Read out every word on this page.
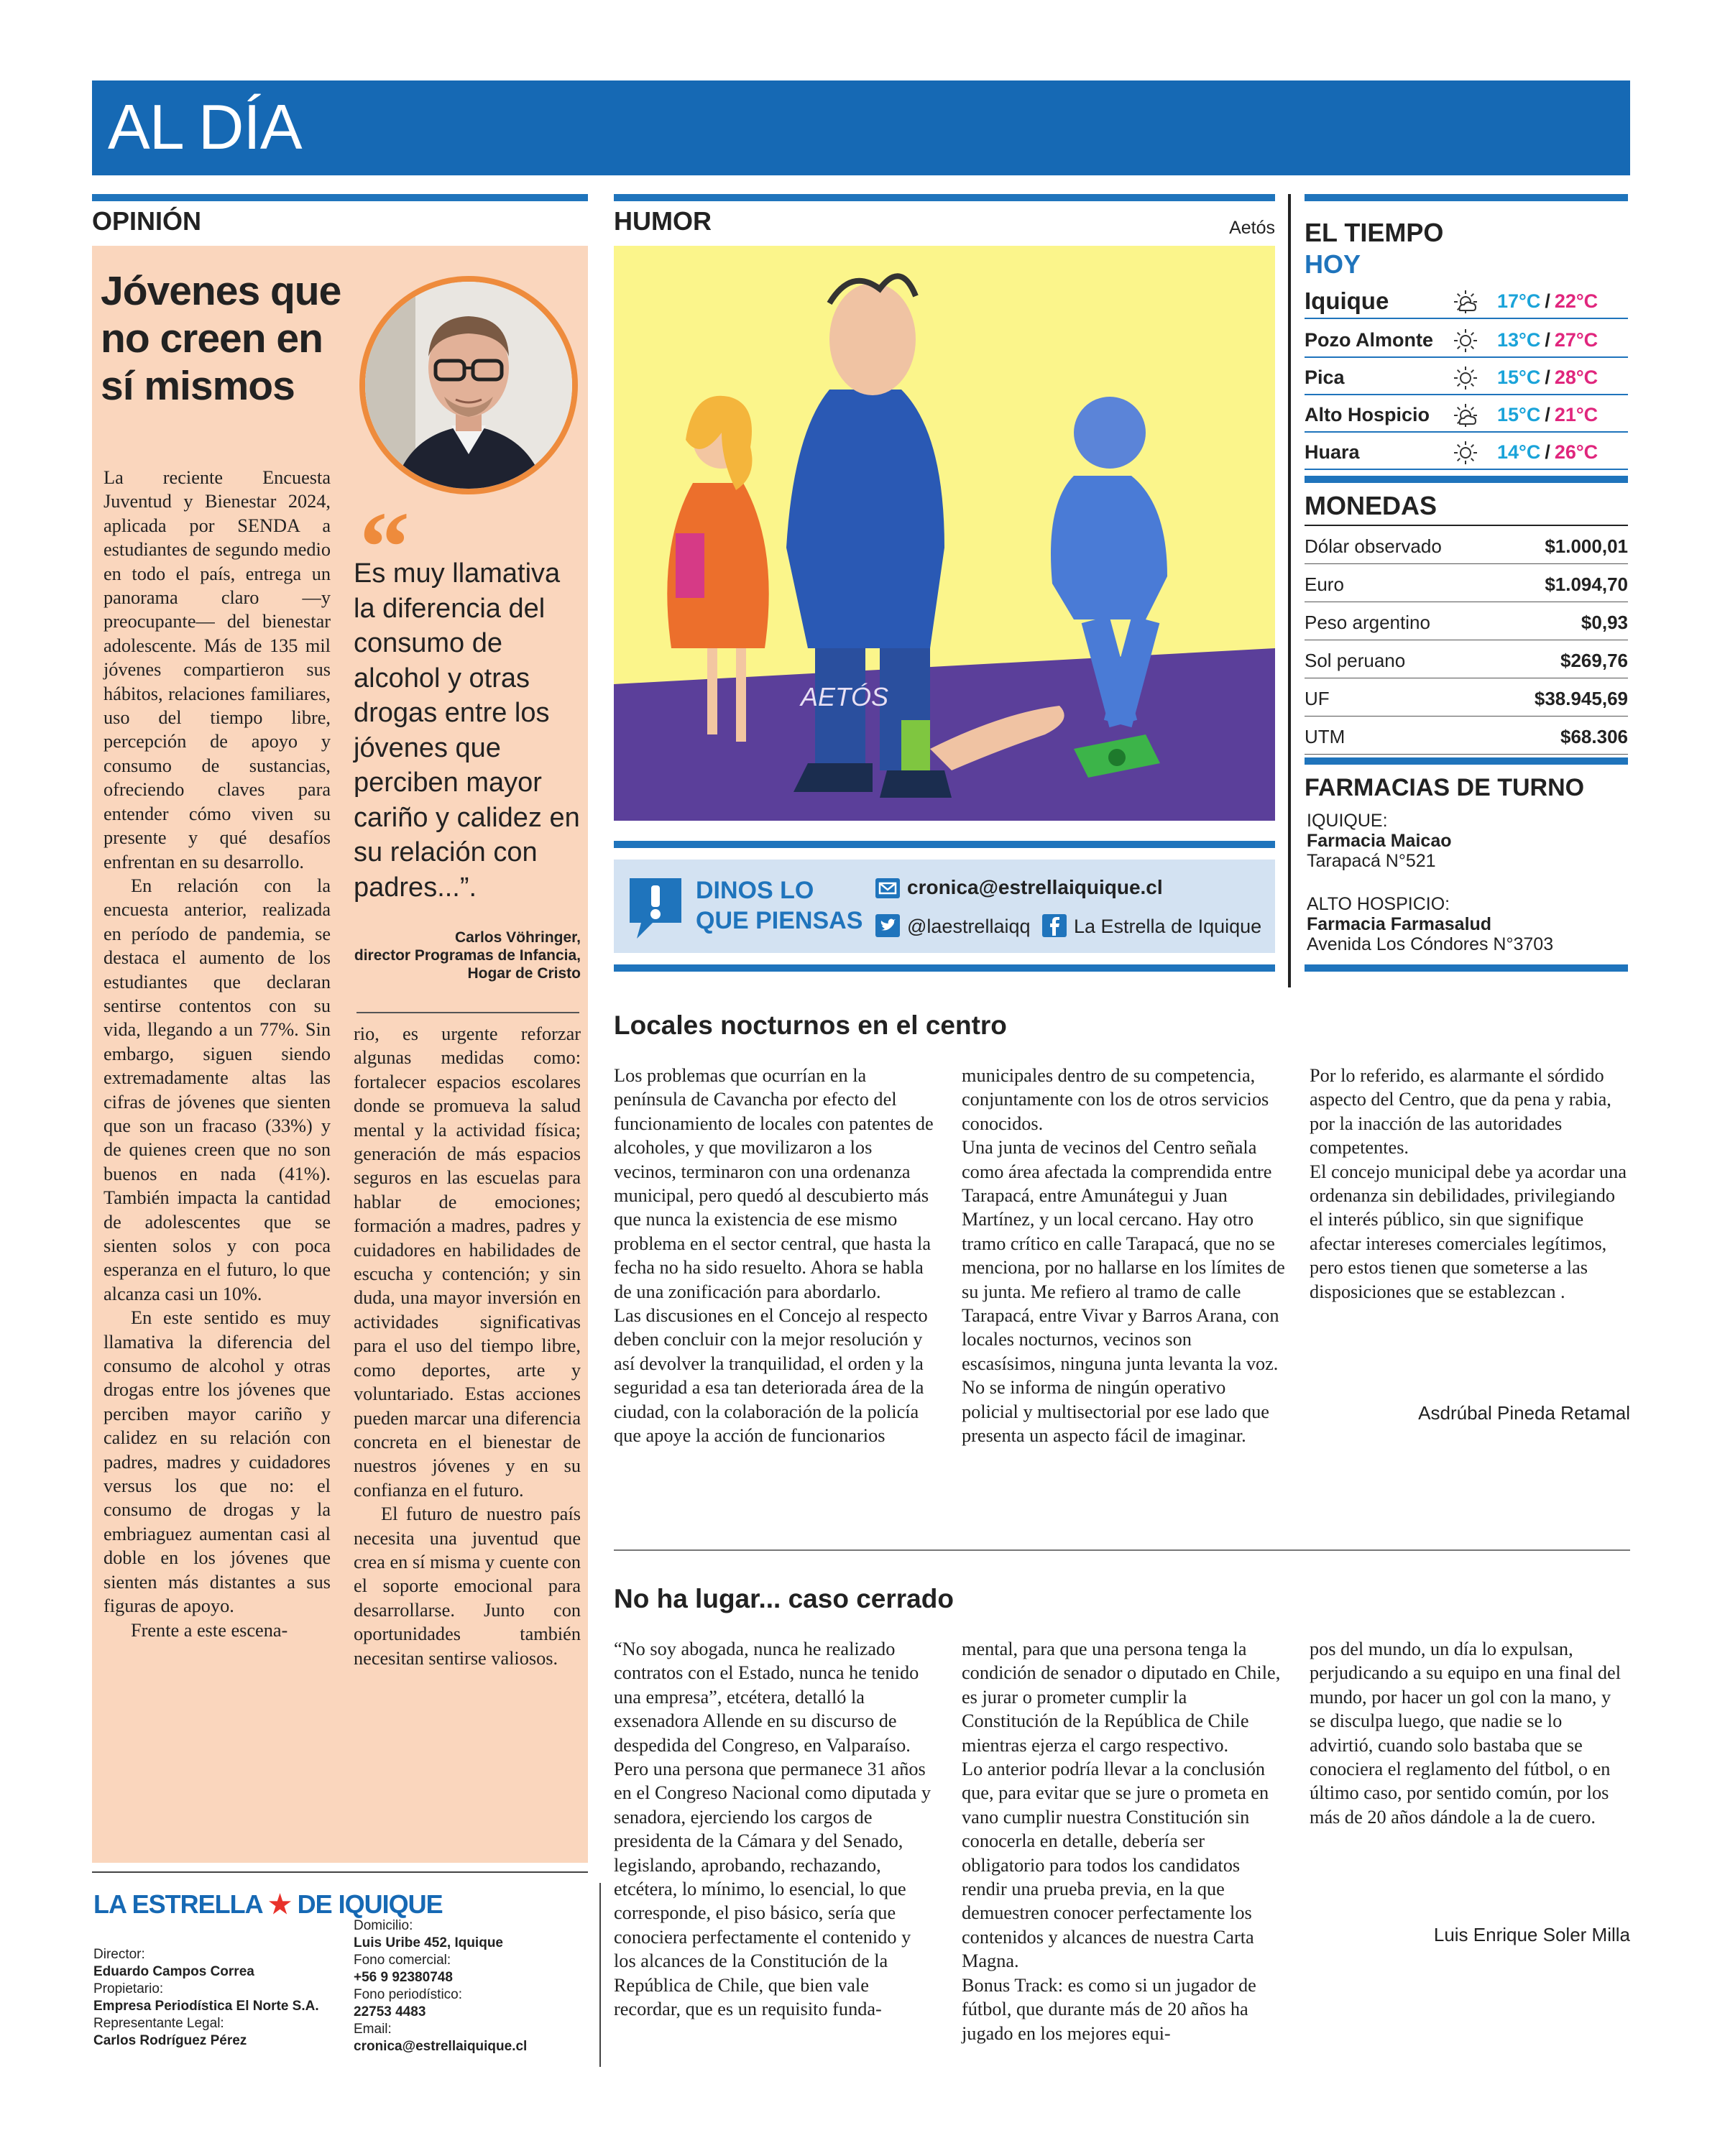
AL DÍA
OPINIÓN
Jóvenes que no creen en sí mismos
“
Es muy llamativa la diferencia del consumo de alcohol y otras drogas entre los jóvenes que perciben mayor cariño y calidez en su relación con padres...”.
Carlos Vöhringer,
director Programas de Infancia, Hogar de Cristo

La reciente Encuesta Juventud y Bienestar 2024, aplicada por SENDA a estudiantes de segundo medio en todo el país, entrega un panorama claro —y preocupante— del bienestar adolescente. Más de 135 mil jóvenes compartieron sus hábitos, relaciones familiares, uso del tiempo libre, percepción de apoyo y consumo de sustancias, ofreciendo claves para entender cómo viven su presente y qué desafíos enfrentan en su desarrollo.

En relación con la encuesta anterior, realizada en período de pandemia, se destaca el aumento de los estudiantes que declaran sentirse contentos con su vida, llegando a un 77%. Sin embargo, siguen siendo extremadamente altas las cifras de jóvenes que sienten que son un fracaso (33%) y de quienes creen que no son buenos en nada (41%). También impacta la cantidad de adolescentes que se sienten solos y con poca esperanza en el futuro, lo que alcanza casi un 10%.

En este sentido es muy llamativa la diferencia del consumo de alcohol y otras drogas entre los jóvenes que perciben mayor cariño y calidez en su relación con padres, madres y cuidadores versus los que no: el consumo de drogas y la embriaguez aumentan casi al doble en los jóvenes que sienten más distantes a sus figuras de apoyo.

Frente a este escena-

rio, es urgente reforzar algunas medidas como: fortalecer espacios escolares donde se promueva la salud mental y la actividad física; generación de más espacios seguros en las escuelas para hablar de emociones; formación a madres, padres y cuidadores en habilidades de escucha y contención; y sin duda, una mayor inversión en actividades significativas para el uso del tiempo libre, como deportes, arte y voluntariado. Estas acciones pueden marcar una diferencia concreta en el bienestar de nuestros jóvenes y en su confianza en el futuro.

El futuro de nuestro país necesita una juventud que crea en sí misma y cuente con el soporte emocional para desarrollarse. Junto con oportunidades también necesitan sentirse valiosos.

LA ESTRELLA ★ DE IQUIQUE
Director:
Eduardo Campos Correa
Propietario:
Empresa Periodística El Norte S.A.
Representante Legal:
Carlos Rodríguez Pérez
Domicilio:
Luis Uribe 452, Iquique
Fono comercial:
+56 9 92380748
Fono periodístico:
22753 4483
Email:
cronica@estrellaiquique.cl
HUMOR	Aetós
AETÓS
DINOS LO
QUE PIENSAS
cronica@estrellaiquique.cl
@laestrellaiqq La Estrella de Iquique
EL TIEMPO
HOY
Iquique	17°C / 22°C
Pozo Almonte	13°C / 27°C
Pica	15°C / 28°C
Alto Hospicio	15°C / 21°C
Huara	14°C / 26°C
MONEDAS
Dólar observado	$1.000,01
Euro	$1.094,70
Peso argentino	$0,93
Sol peruano	$269,76
UF	$38.945,69
UTM	$68.306
FARMACIAS DE TURNO
IQUIQUE:
Farmacia Maicao
Tarapacá N°521
ALTO HOSPICIO:
Farmacia Farmasalud
Avenida Los Cóndores N°3703
Locales nocturnos en el centro
Los problemas que ocurrían en la península de Cavancha por efecto del funcionamiento de locales con patentes de alcoholes, y que movilizaron a los vecinos, terminaron con una ordenanza municipal, pero quedó al descubierto más que nunca la existencia de ese mismo problema en el sector central, que hasta la fecha no ha sido resuelto. Ahora se habla de una zonificación para abordarlo.
Las discusiones en el Concejo al respecto deben concluir con la mejor resolución y así devolver la tranquilidad, el orden y la seguridad a esa tan deteriorada área de la ciudad, con la colaboración de la policía que apoye la acción de funcionarios
municipales dentro de su competencia, conjuntamente con los de otros servicios conocidos.
Una junta de vecinos del Centro señala como área afectada la comprendida entre Tarapacá, entre Amunátegui y Juan Martínez, y un local cercano. Hay otro tramo crítico en calle Tarapacá, que no se menciona, por no hallarse en los límites de su junta. Me refiero al tramo de calle Tarapacá, entre Vivar y Barros Arana, con locales nocturnos, vecinos son escasísimos, ninguna junta levanta la voz. No se informa de ningún operativo policial y multisectorial por ese lado que presenta un aspecto fácil de imaginar.
Por lo referido, es alarmante el sórdido aspecto del Centro, que da pena y rabia, por la inacción de las autoridades competentes.
El concejo municipal debe ya acordar una ordenanza sin debilidades, privilegiando el interés público, sin que signifique afectar intereses comerciales legítimos, pero estos tienen que someterse a las disposiciones que se establezcan .
Asdrúbal Pineda Retamal
No ha lugar... caso cerrado
“No soy abogada, nunca he realizado contratos con el Estado, nunca he tenido una empresa”, etcétera, detalló la exsenadora Allende en su discurso de despedida del Congreso, en Valparaíso.
Pero una persona que permanece 31 años en el Congreso Nacional como diputada y senadora, ejerciendo los cargos de presidenta de la Cámara y del Senado, legislando, aprobando, rechazando, etcétera, lo mínimo, lo esencial, lo que corresponde, el piso básico, sería que conociera perfectamente el contenido y los alcances de la Constitución de la República de Chile, que bien vale recordar, que es un requisito funda-
mental, para que una persona tenga la condición de senador o diputado en Chile, es jurar o prometer cumplir la Constitución de la República de Chile mientras ejerza el cargo respectivo.
Lo anterior podría llevar a la conclusión que, para evitar que se jure o prometa en vano cumplir nuestra Constitución sin conocerla en detalle, debería ser obligatorio para todos los candidatos rendir una prueba previa, en la que demuestren conocer perfectamente los contenidos y alcances de nuestra Carta Magna.
Bonus Track: es como si un jugador de fútbol, que durante más de 20 años ha jugado en los mejores equi-
pos del mundo, un día lo expulsan, perjudicando a su equipo en una final del mundo, por hacer un gol con la mano, y se disculpa luego, que nadie se lo advirtió, cuando solo bastaba que se conociera el reglamento del fútbol, o en último caso, por sentido común, por los más de 20 años dándole a la de cuero.
Luis Enrique Soler Milla
